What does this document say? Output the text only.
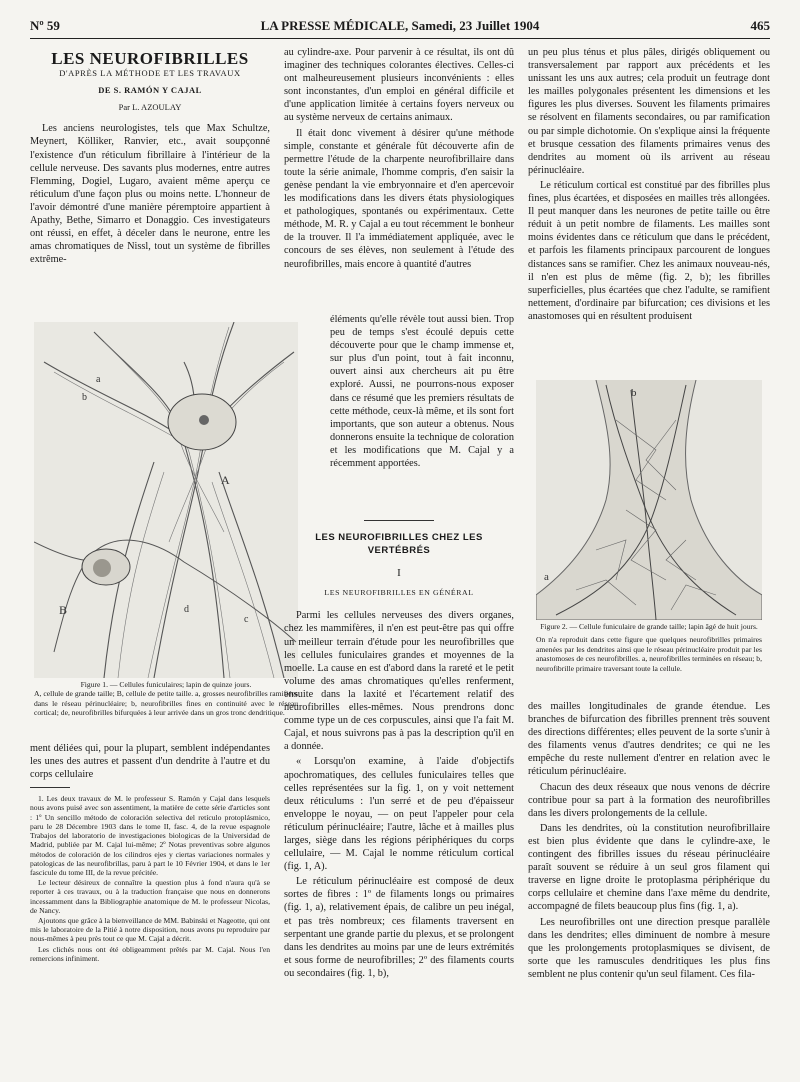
Nº 59	LA PRESSE MÉDICALE, Samedi, 23 Juillet 1904	465
LES NEUROFIBRILLES
D'APRÈS LA MÉTHODE ET LES TRAVAUX
DE S. RAMÓN Y CAJAL
Par L. AZOULAY

Les anciens neurologistes, tels que Max Schultze, Meynert, Kölliker, Ranvier, etc., avait soupçonné l'existence d'un réticulum fibrillaire à l'intérieur de la cellule nerveuse. Des savants plus modernes, entre autres Flemming, Dogiel, Lugaro, avaient même aperçu ce réticulum d'une façon plus ou moins nette. L'honneur de l'avoir démontré d'une manière péremptoire appartient à Apathy, Bethe, Simarro et Donaggio. Ces investigateurs ont réussi, en effet, à déceler dans le neurone, entre les amas chromatiques de Nissl, tout un système de fibrilles extrême-

B
A
a
b
d
c
Figure 1. — Cellules funiculaires; lapin de quinze jours.
A, cellule de grande taille; B, cellule de petite taille. a, grosses neurofibrilles ramifiées dans le réseau périnucléaire; b, neurofibrilles fines en continuité avec le réseau cortical; de, neurofibrilles bifurquées à leur arrivée dans un gros tronc dendritique.

ment déliées qui, pour la plupart, semblent indépendantes les unes des autres et passent d'un dendrite à l'autre et du corps cellulaire

1. Les deux travaux de M. le professeur S. Ramón y Cajal dans lesquels nous avons puisé avec son assentiment, la matière de cette série d'articles sont : 1º Un sencillo método de coloración selectiva del retículo protoplásmico, paru le 28 Décembre 1903 dans le tome II, fasc. 4, de la revue espagnole Trabajos del laboratorio de investigaciones biologicas de la Universidad de Madrid, publiée par M. Cajal lui-même; 2º Notas preventivas sobre algunos métodos de coloración de los cilindros ejes y ciertas variaciones normales y patologicas de las neurofibrillas, paru à part le 10 Février 1904, et dans le 1er fascicule du tome III, de la revue précitée.

Le lecteur désireux de connaître la question plus à fond n'aura qu'à se reporter à ces travaux, ou à la traduction française que nous en donnerons incessamment dans la Bibliographie anatomique de M. le professeur Nicolas, de Nancy.

Ajoutons que grâce à la bienveillance de MM. Babinski et Nageotte, qui ont mis le laboratoire de la Pitié à notre disposition, nous avons pu reproduire par nous-mêmes à peu près tout ce que M. Cajal a décrit.

Les clichés nous ont été obligeamment prêtés par M. Cajal. Nous l'en remercions infiniment.

au cylindre-axe. Pour parvenir à ce résultat, ils ont dû imaginer des techniques colorantes électives. Celles-ci ont malheureusement plusieurs inconvénients : elles sont inconstantes, d'un emploi en général difficile et d'une application limitée à certains foyers nerveux ou au système nerveux de certains animaux.

Il était donc vivement à désirer qu'une méthode simple, constante et générale fût découverte afin de permettre l'étude de la charpente neurofibrillaire dans toute la série animale, l'homme compris, d'en saisir la genèse pendant la vie embryonnaire et d'en apercevoir les modifications dans les divers états physiologiques et pathologiques, spontanés ou expérimentaux. Cette méthode, M. R. y Cajal a eu tout récemment le bonheur de la trouver. Il l'a immédiatement appliquée, avec le concours de ses élèves, non seulement à l'étude des neurofibrilles, mais encore à quantité d'autres

éléments qu'elle révèle tout aussi bien. Trop peu de temps s'est écoulé depuis cette découverte pour que le champ immense et, sur plus d'un point, tout à fait inconnu, ouvert ainsi aux chercheurs ait pu être exploré. Aussi, ne pourrons-nous exposer dans ce résumé que les premiers résultats de cette méthode, ceux-là même, et ils sont fort importants, que son auteur a obtenus. Nous donnerons ensuite la technique de coloration et les modifications que M. Cajal y a récemment apportées.

LES NEUROFIBRILLES CHEZ LES
VERTÉBRÉS
I
LES NEUROFIBRILLES EN GÉNÉRAL

Parmi les cellules nerveuses des divers organes, chez les mammifères, il n'en est peut-être pas qui offre un meilleur terrain d'étude pour les neurofibrilles que les cellules funiculaires grandes et moyennes de la moelle. La cause en est d'abord dans la rareté et le petit volume des amas chromatiques qu'elles renferment, ensuite dans la laxité et l'écartement relatif des neurofibrilles elles-mêmes. Nous prendrons donc comme type un de ces corpuscules, ainsi que l'a fait M. Cajal, et nous suivrons pas à pas la description qu'il en a donnée.

« Lorsqu'on examine, à l'aide d'objectifs apochromatiques, des cellules funiculaires telles que celles représentées sur la fig. 1, on y voit nettement deux réticulums : l'un serré et de peu d'épaisseur enveloppe le noyau, — on peut l'appeler pour cela réticulum périnucléaire; l'autre, lâche et à mailles plus larges, siège dans les régions périphériques du corps cellulaire, — M. Cajal le nomme réticulum cortical (fig. 1, A).

Le réticulum périnucléaire est composé de deux sortes de fibres : 1º de filaments longs ou primaires (fig. 1, a), relativement épais, de calibre un peu inégal, et pas très nombreux; ces filaments traversent en serpentant une grande partie du plexus, et se prolongent dans les dendrites au moins par une de leurs extrémités et sous forme de neurofibrilles; 2º des filaments courts ou secondaires (fig. 1, b),

un peu plus ténus et plus pâles, dirigés obliquement ou transversalement par rapport aux précédents et les unissant les uns aux autres; cela produit un feutrage dont les mailles polygonales présentent les dimensions et les figures les plus diverses. Souvent les filaments primaires se résolvent en filaments secondaires, ou par ramification ou par simple dichotomie. On s'explique ainsi la fréquente et brusque cessation des filaments primaires venus des dendrites au moment où ils arrivent au réseau périnucléaire.

Le réticulum cortical est constitué par des fibrilles plus fines, plus écartées, et disposées en mailles très allongées. Il peut manquer dans les neurones de petite taille ou être réduit à un petit nombre de filaments. Les mailles sont moins évidentes dans ce réticulum que dans le précédent, et parfois les filaments principaux parcourent de longues distances sans se ramifier. Chez les animaux nouveau-nés, il n'en est plus de même (fig. 2, b); les fibrilles superficielles, plus écartées que chez l'adulte, se ramifient nettement, d'ordinaire par bifurcation; ces divisions et les anastomoses qui en résultent produisent

b
a
Figure 2. — Cellule funiculaire de grande taille; lapin âgé de huit jours.
On n'a reproduit dans cette figure que quelques neurofibrilles primaires amenées par les dendrites ainsi que le réseau périnucléaire produit par les anastomoses de ces neurofibrilles. a, neurofibrilles terminées en réseau; b, neurofibrille primaire traversant toute la cellule.

des mailles longitudinales de grande étendue. Les branches de bifurcation des fibrilles prennent très souvent des directions différentes; elles peuvent de la sorte s'unir à des filaments venus d'autres dendrites; ce qui ne les empêche du reste nullement d'entrer en relation avec le réticulum périnucléaire.

Chacun des deux réseaux que nous venons de décrire contribue pour sa part à la formation des neurofibrilles dans les divers prolongements de la cellule.

Dans les dendrites, où la constitution neurofibrillaire est bien plus évidente que dans le cylindre-axe, le contingent des fibrilles issues du réseau périnucléaire paraît souvent se réduire à un seul gros filament qui traverse en ligne droite le protoplasma périphérique du corps cellulaire et chemine dans l'axe même du dendrite, accompagné de filets beaucoup plus fins (fig. 1, a).

Les neurofibrilles ont une direction presque parallèle dans les dendrites; elles diminuent de nombre à mesure que les prolongements protoplasmiques se divisent, de sorte que les ramuscules dendritiques les plus fins semblent ne plus contenir qu'un seul filament. Ces fila-
